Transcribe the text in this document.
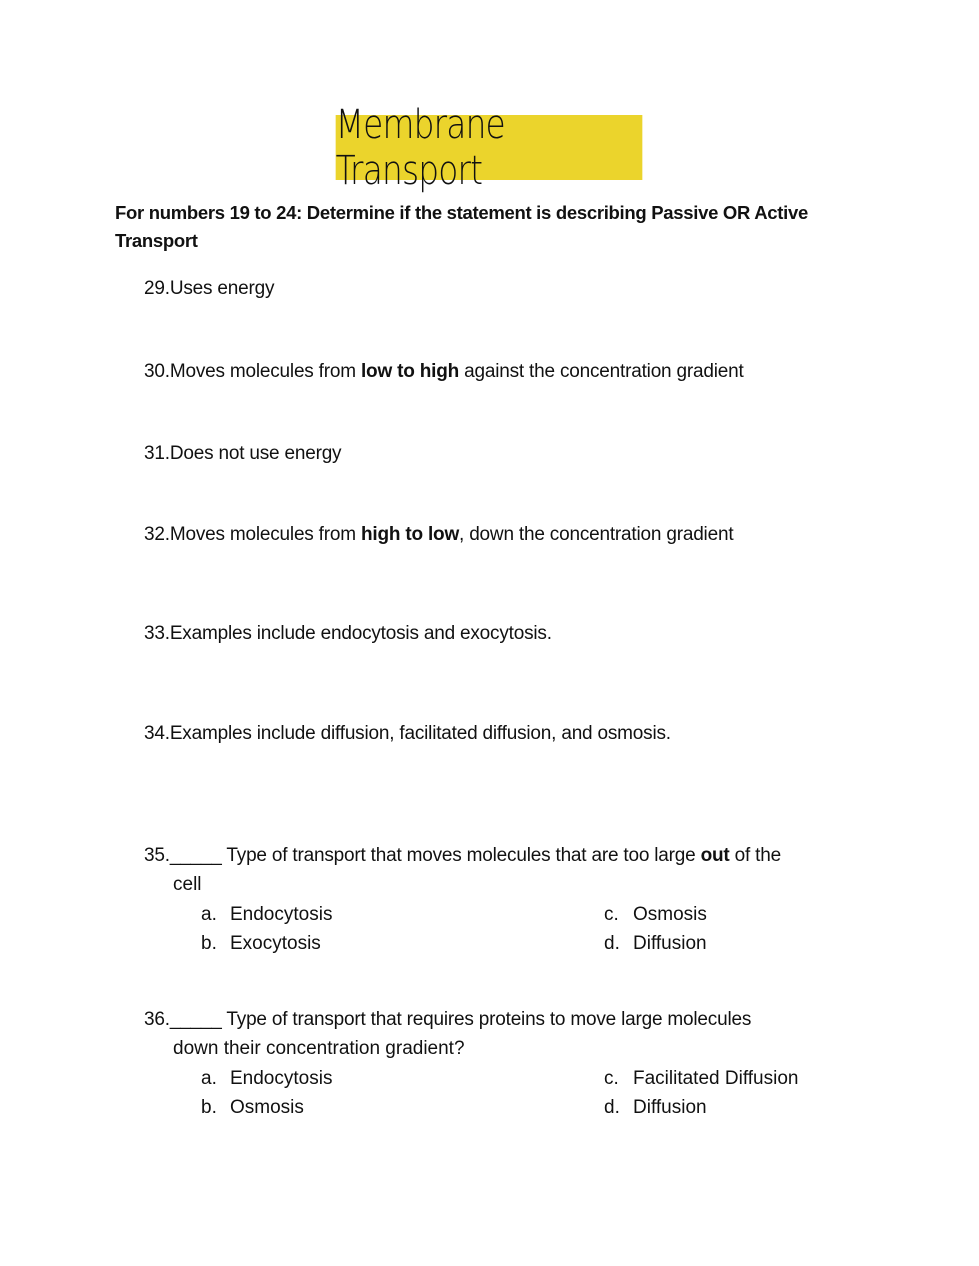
Membrane Transport
For numbers 19 to 24: Determine if the statement is describing Passive OR Active Transport
29.Uses energy
30.Moves molecules from low to high against the concentration gradient
31.Does not use energy
32.Moves molecules from high to low, down the concentration gradient
33.Examples include endocytosis and exocytosis.
34.Examples include diffusion, facilitated diffusion, and osmosis.
35._____ Type of transport that moves molecules that are too large out of the
cell
a. Endocytosis
b. Exocytosis
c. Osmosis
d. Diffusion
36._____ Type of transport that requires proteins to move large molecules
down their concentration gradient?
a. Endocytosis
b. Osmosis
c. Facilitated Diffusion
d. Diffusion
